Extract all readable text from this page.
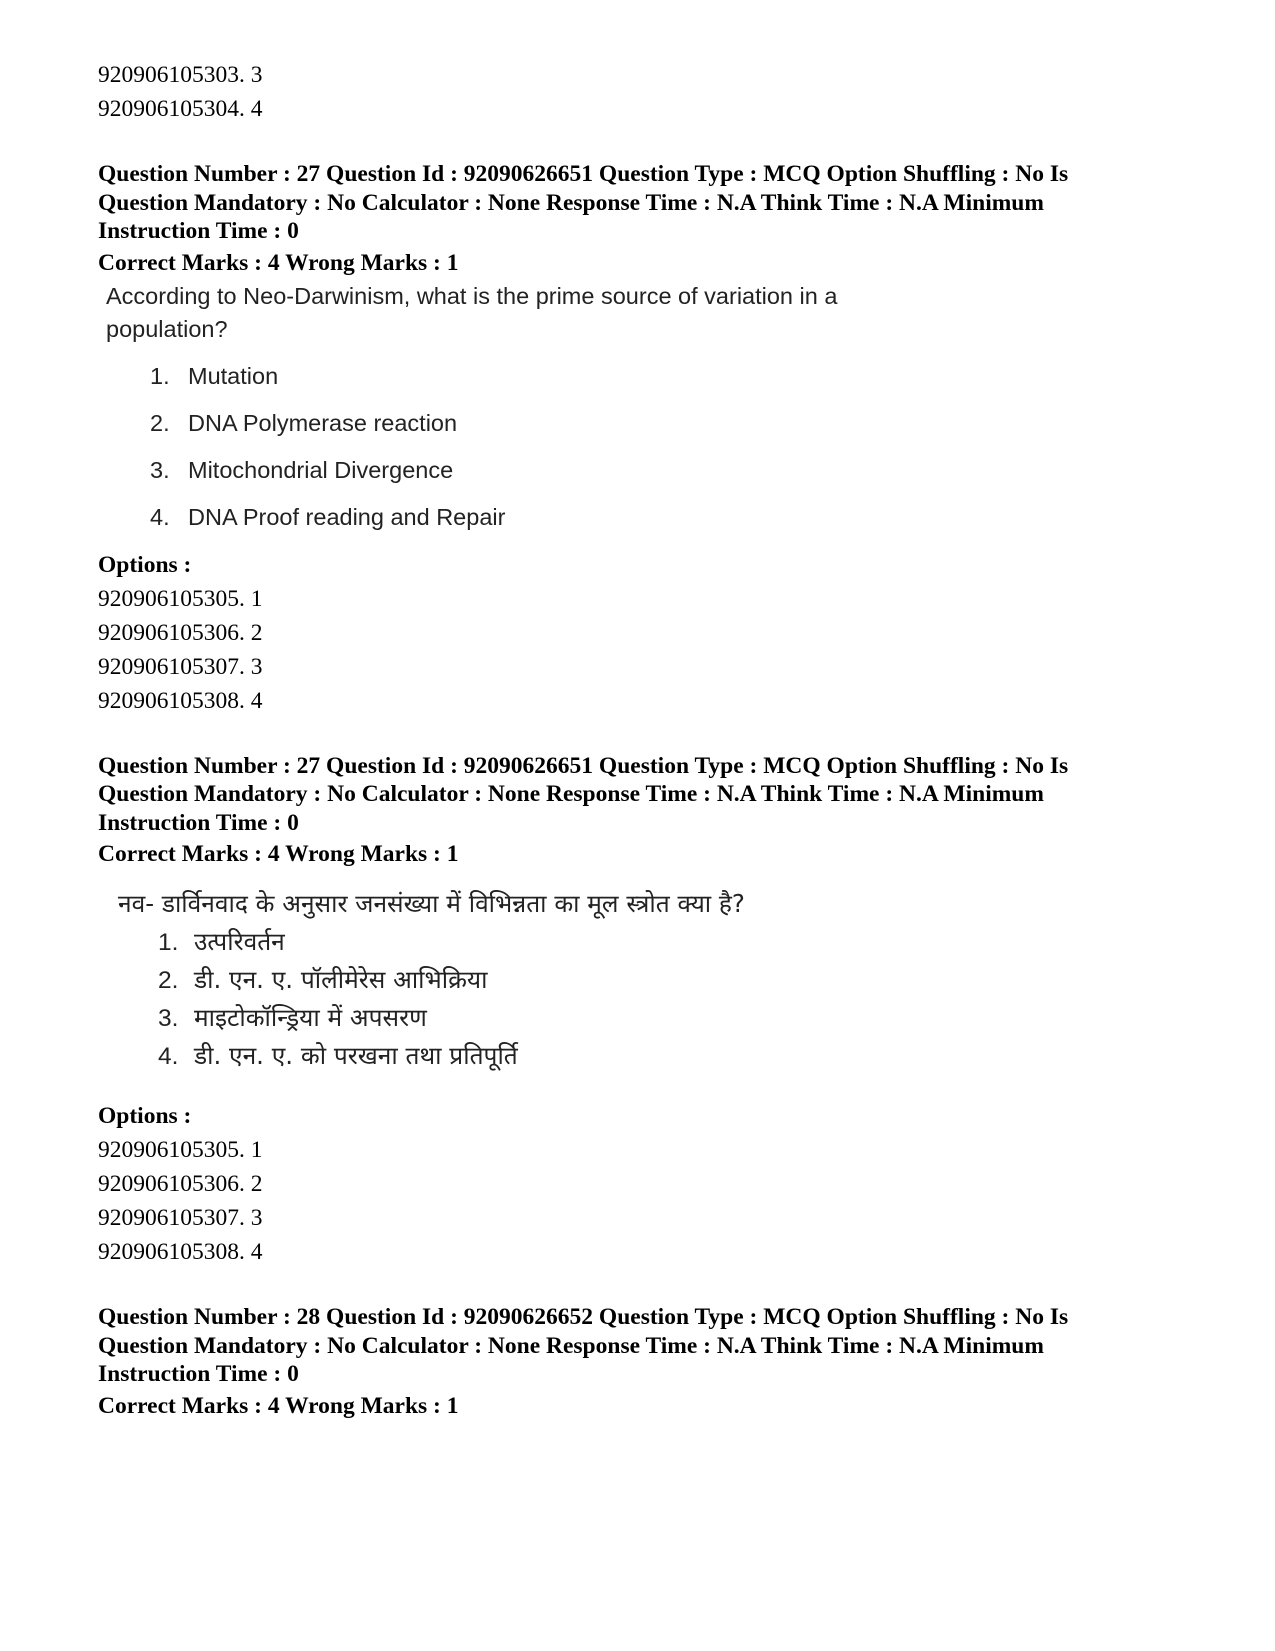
920906105303. 3
920906105304. 4
Question Number : 27 Question Id : 92090626651 Question Type : MCQ Option Shuffling : No Is
Question Mandatory : No Calculator : None Response Time : N.A Think Time : N.A Minimum
Instruction Time : 0
Correct Marks : 4 Wrong Marks : 1
According to Neo-Darwinism, what is the prime source of variation in a
population?
1. Mutation
2. DNA Polymerase reaction
3. Mitochondrial Divergence
4. DNA Proof reading and Repair
Options :
920906105305. 1
920906105306. 2
920906105307. 3
920906105308. 4
Question Number : 27 Question Id : 92090626651 Question Type : MCQ Option Shuffling : No Is
Question Mandatory : No Calculator : None Response Time : N.A Think Time : N.A Minimum
Instruction Time : 0
Correct Marks : 4 Wrong Marks : 1
नव- डार्विनवाद के अनुसार जनसंख्या में विभिन्नता का मूल स्त्रोत क्या है?
1. उत्परिवर्तन
2. डी. एन. ए. पॉलीमेरेस आभिक्रिया
3. माइटोकॉन्ड्रिया में अपसरण
4. डी. एन. ए. को परखना तथा प्रतिपूर्ति
Options :
920906105305. 1
920906105306. 2
920906105307. 3
920906105308. 4
Question Number : 28 Question Id : 92090626652 Question Type : MCQ Option Shuffling : No Is
Question Mandatory : No Calculator : None Response Time : N.A Think Time : N.A Minimum
Instruction Time : 0
Correct Marks : 4 Wrong Marks : 1
